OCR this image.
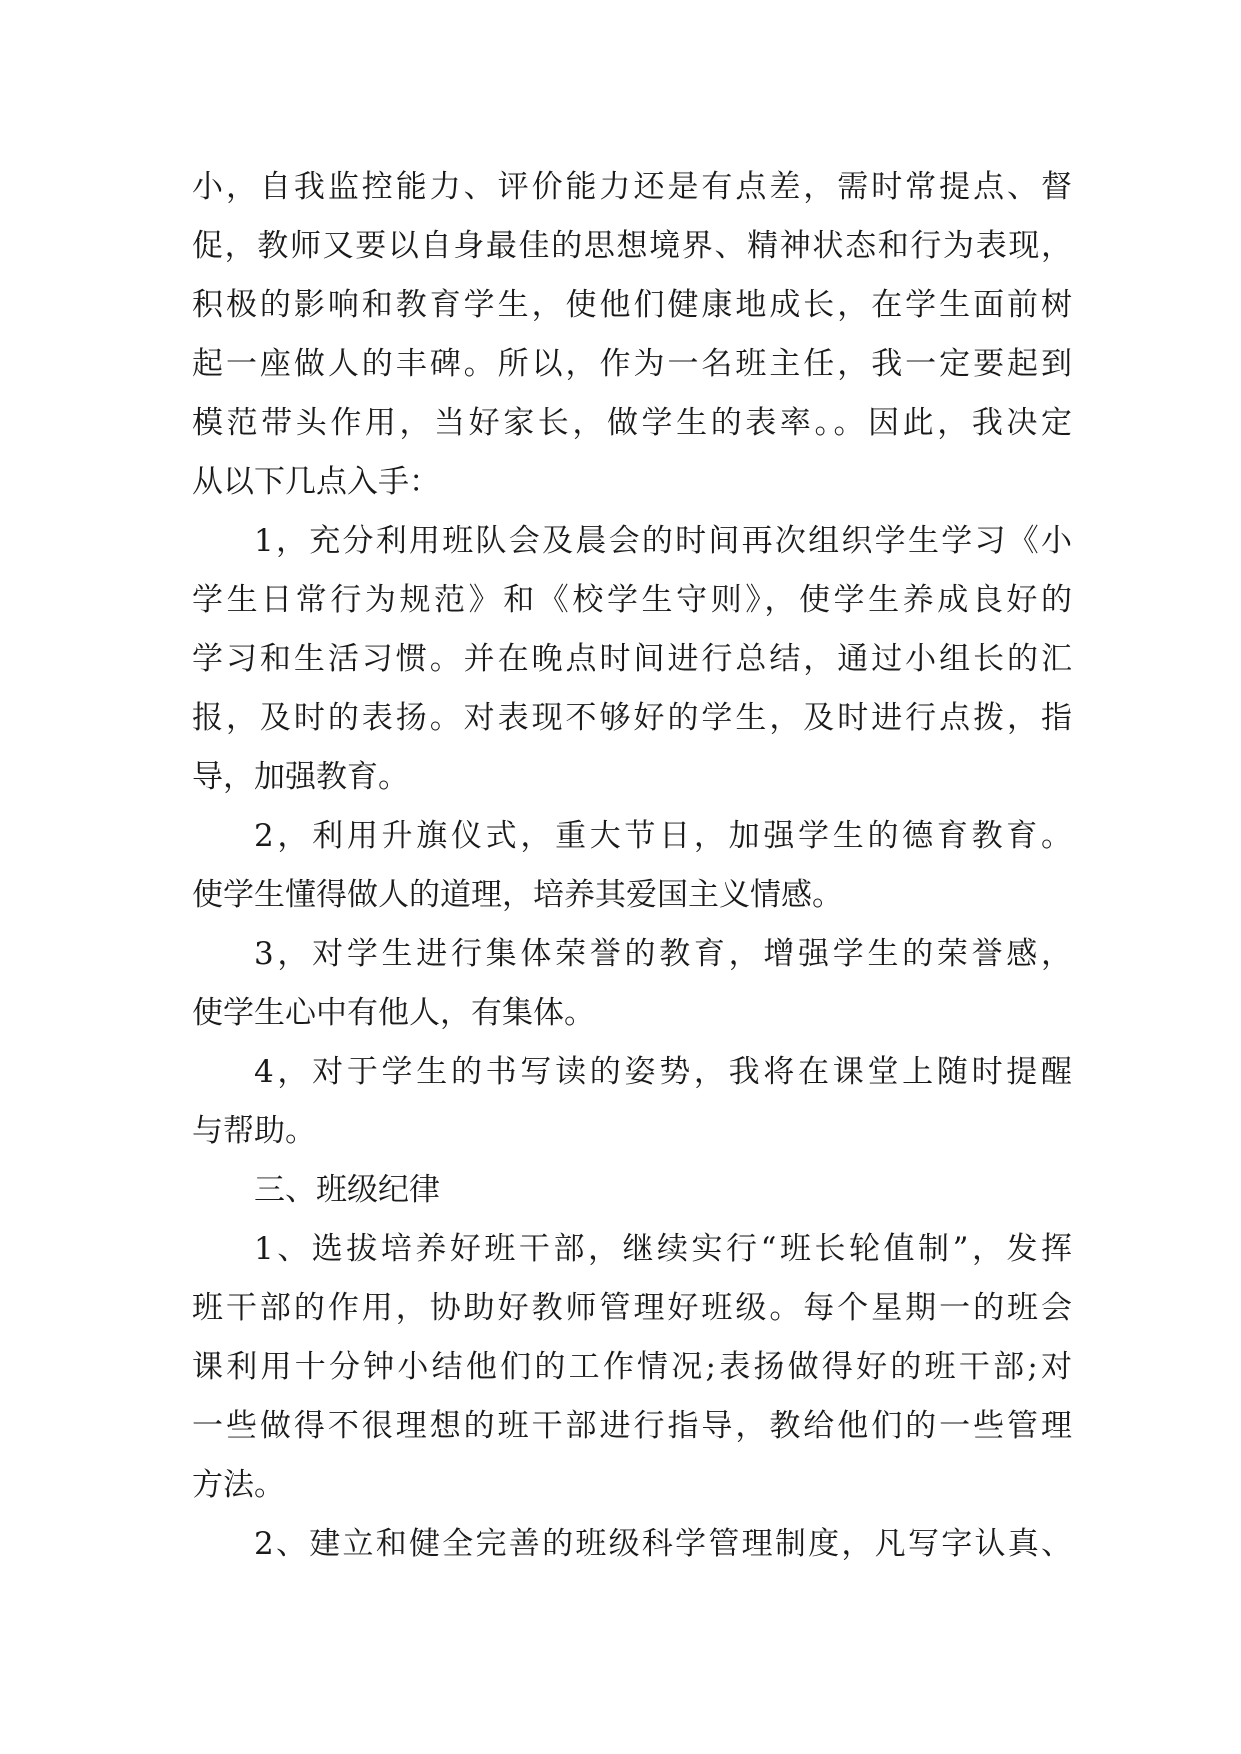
小，自我监控能力、评价能力还是有点差，需时常提点、督
促，教师又要以自身最佳的思想境界、精神状态和行为表现，
积极的影响和教育学生，使他们健康地成长，在学生面前树
起一座做人的丰碑。所以，作为一名班主任，我一定要起到
模范带头作用，当好家长，做学生的表率。。因此，我决定
从以下几点入手：
1，充分利用班队会及晨会的时间再次组织学生学习《小
学生日常行为规范》和《校学生守则》，使学生养成良好的
学习和生活习惯。并在晚点时间进行总结，通过小组长的汇
报，及时的表扬。对表现不够好的学生，及时进行点拨，指
导，加强教育。
2，利用升旗仪式，重大节日，加强学生的德育教育。
使学生懂得做人的道理，培养其爱国主义情感。
3，对学生进行集体荣誉的教育，增强学生的荣誉感，
使学生心中有他人，有集体。
4，对于学生的书写读的姿势，我将在课堂上随时提醒
与帮助。
三、班级纪律
1、选拔培养好班干部，继续实行“班长轮值制”，发挥
班干部的作用，协助好教师管理好班级。每个星期一的班会
课利用十分钟小结他们的工作情况;表扬做得好的班干部;对
一些做得不很理想的班干部进行指导，教给他们的一些管理
方法。
2、建立和健全完善的班级科学管理制度，凡写字认真、
